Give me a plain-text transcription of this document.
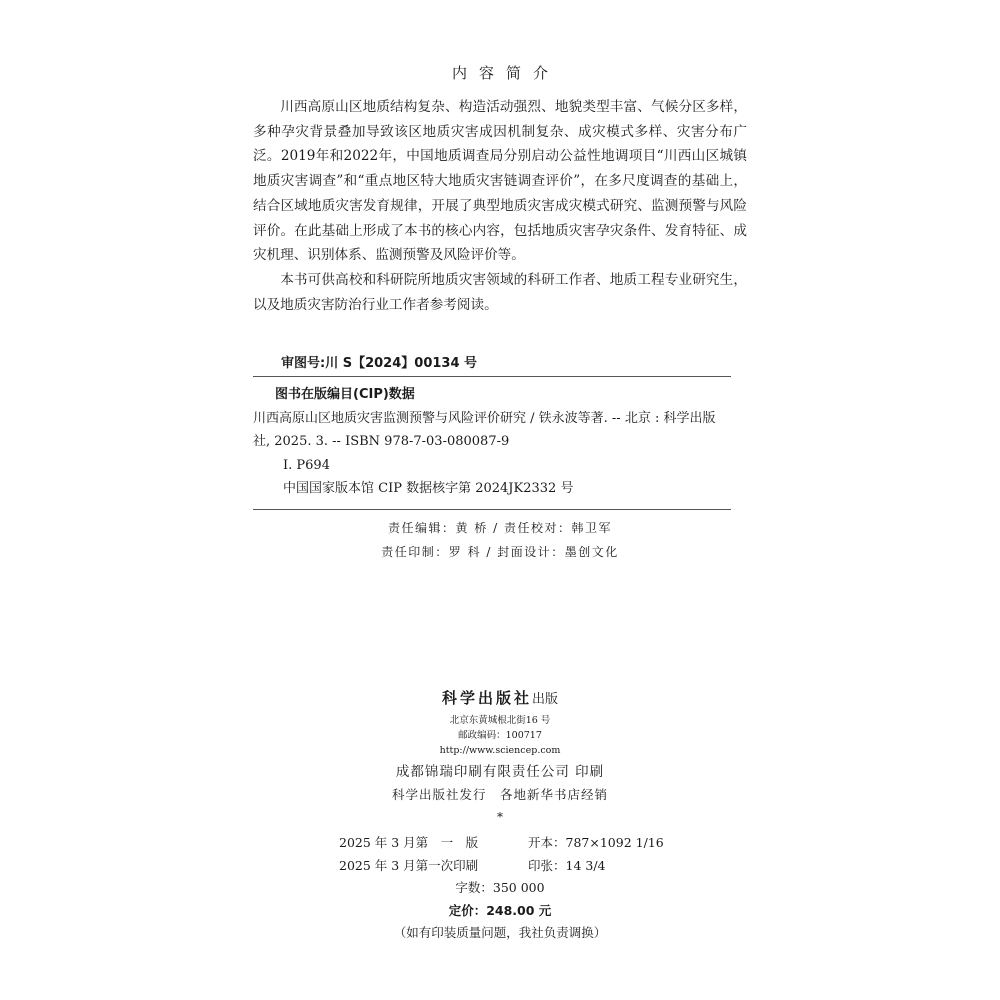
内容简介

川西高原山区地质结构复杂、构造活动强烈、地貌类型丰富、气候分区多样，多种孕灾背景叠加导致该区地质灾害成因机制复杂、成灾模式多样、灾害分布广泛。2019年和2022年，中国地质调查局分别启动公益性地调项目“川西山区城镇地质灾害调查”和“重点地区特大地质灾害链调查评价”，在多尺度调查的基础上，结合区域地质灾害发育规律，开展了典型地质灾害成灾模式研究、监测预警与风险评价。在此基础上形成了本书的核心内容，包括地质灾害孕灾条件、发育特征、成灾机理、识别体系、监测预警及风险评价等。

本书可供高校和科研院所地质灾害领域的科研工作者、地质工程专业研究生，以及地质灾害防治行业工作者参考阅读。

审图号:川 S【2024】00134 号
图书在版编目(CIP)数据
川西高原山区地质灾害监测预警与风险评价研究 / 铁永波等著. -- 北京 : 科学出版社, 2025. 3. -- ISBN 978-7-03-080087-9
Ⅰ. P694
中国国家版本馆 CIP 数据核字第 2024JK2332 号
责任编辑：黄 桥 / 责任校对：韩卫军
责任印制：罗 科 / 封面设计：墨创文化
科学出版社出版
北京东黄城根北街16 号
邮政编码：100717
http://www.sciencep.com
成都锦瑞印刷有限责任公司 印刷
科学出版社发行　各地新华书店经销
*
2025 年 3 月第　一　版	开本：787×1092 1/16
2025 年 3 月第一次印刷	印张：14 3/4
字数：350 000
定价：248.00 元
（如有印装质量问题，我社负责调换）
